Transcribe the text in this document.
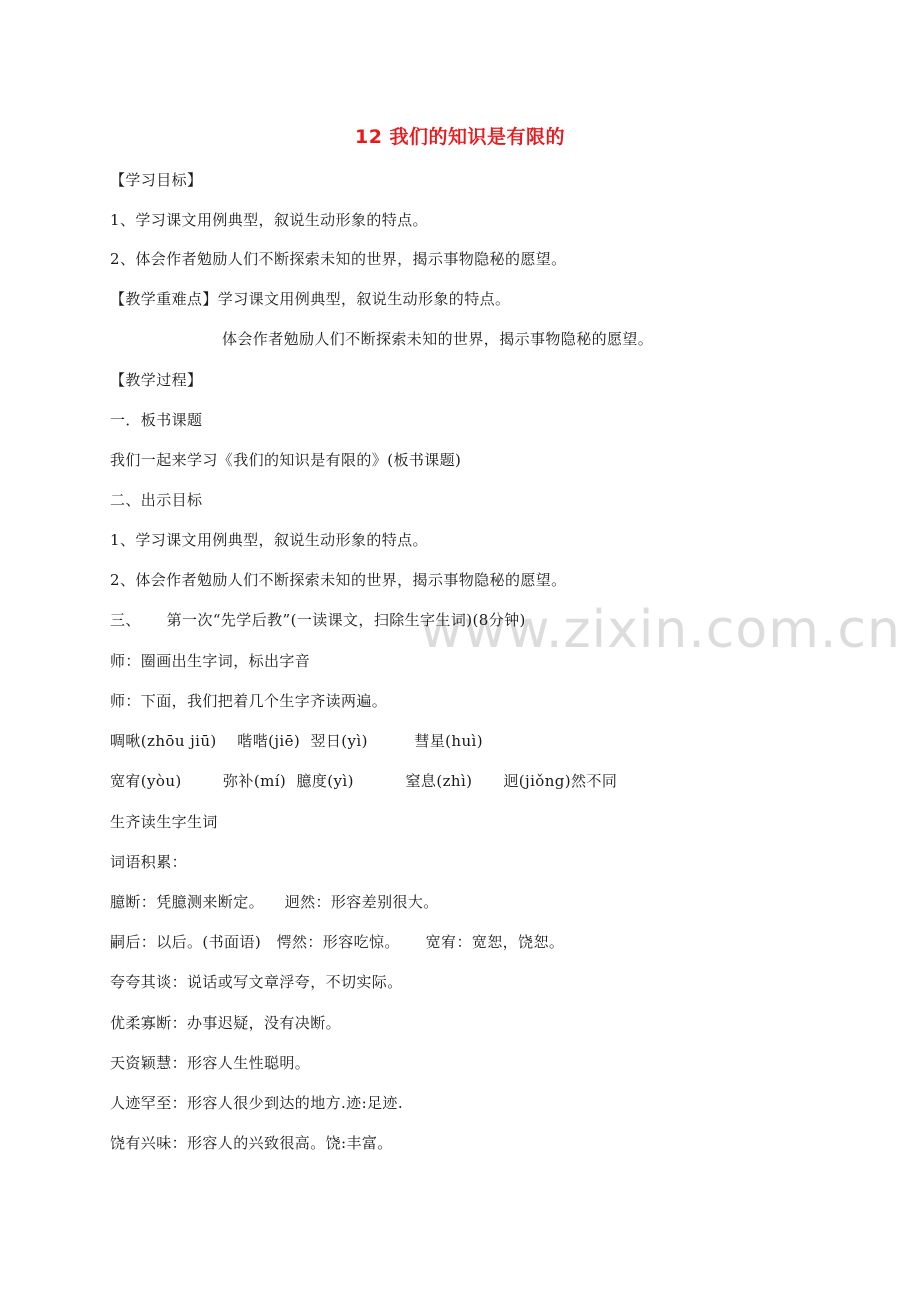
12 我们的知识是有限的
www.zixin.com.cn
【学习目标】
1、学习课文用例典型，叙说生动形象的特点。
2、体会作者勉励人们不断探索未知的世界，揭示事物隐秘的愿望。
【教学重难点】学习课文用例典型，叙说生动形象的特点。
体会作者勉励人们不断探索未知的世界，揭示事物隐秘的愿望。
【教学过程】
一．板书课题
我们一起来学习《我们的知识是有限的》(板书课题)
二、出示目标
1、学习课文用例典型，叙说生动形象的特点。
2、体会作者勉励人们不断探索未知的世界，揭示事物隐秘的愿望。
三、     第一次“先学后教”(一读课文，扫除生字生词)(8分钟)
师：圈画出生字词，标出字音
师：下面，我们把着几个生字齐读两遍。
啁啾(zhōu jiū)    喈喈(jiē)  翌日(yì)         彗星(huì)
宽宥(yòu)        弥补(mí)  臆度(yì)          窒息(zhì)      迥(jiǒng)然不同
生齐读生字生词
词语积累：
臆断：凭臆测来断定。    迥然：形容差别很大。
嗣后：以后。(书面语)   愕然：形容吃惊。     宽宥：宽恕，饶恕。
夸夸其谈：说话或写文章浮夸，不切实际。
优柔寡断：办事迟疑，没有决断。
天资颖慧：形容人生性聪明。
人迹罕至：形容人很少到达的地方.迹:足迹.
饶有兴味：形容人的兴致很高。饶:丰富。
